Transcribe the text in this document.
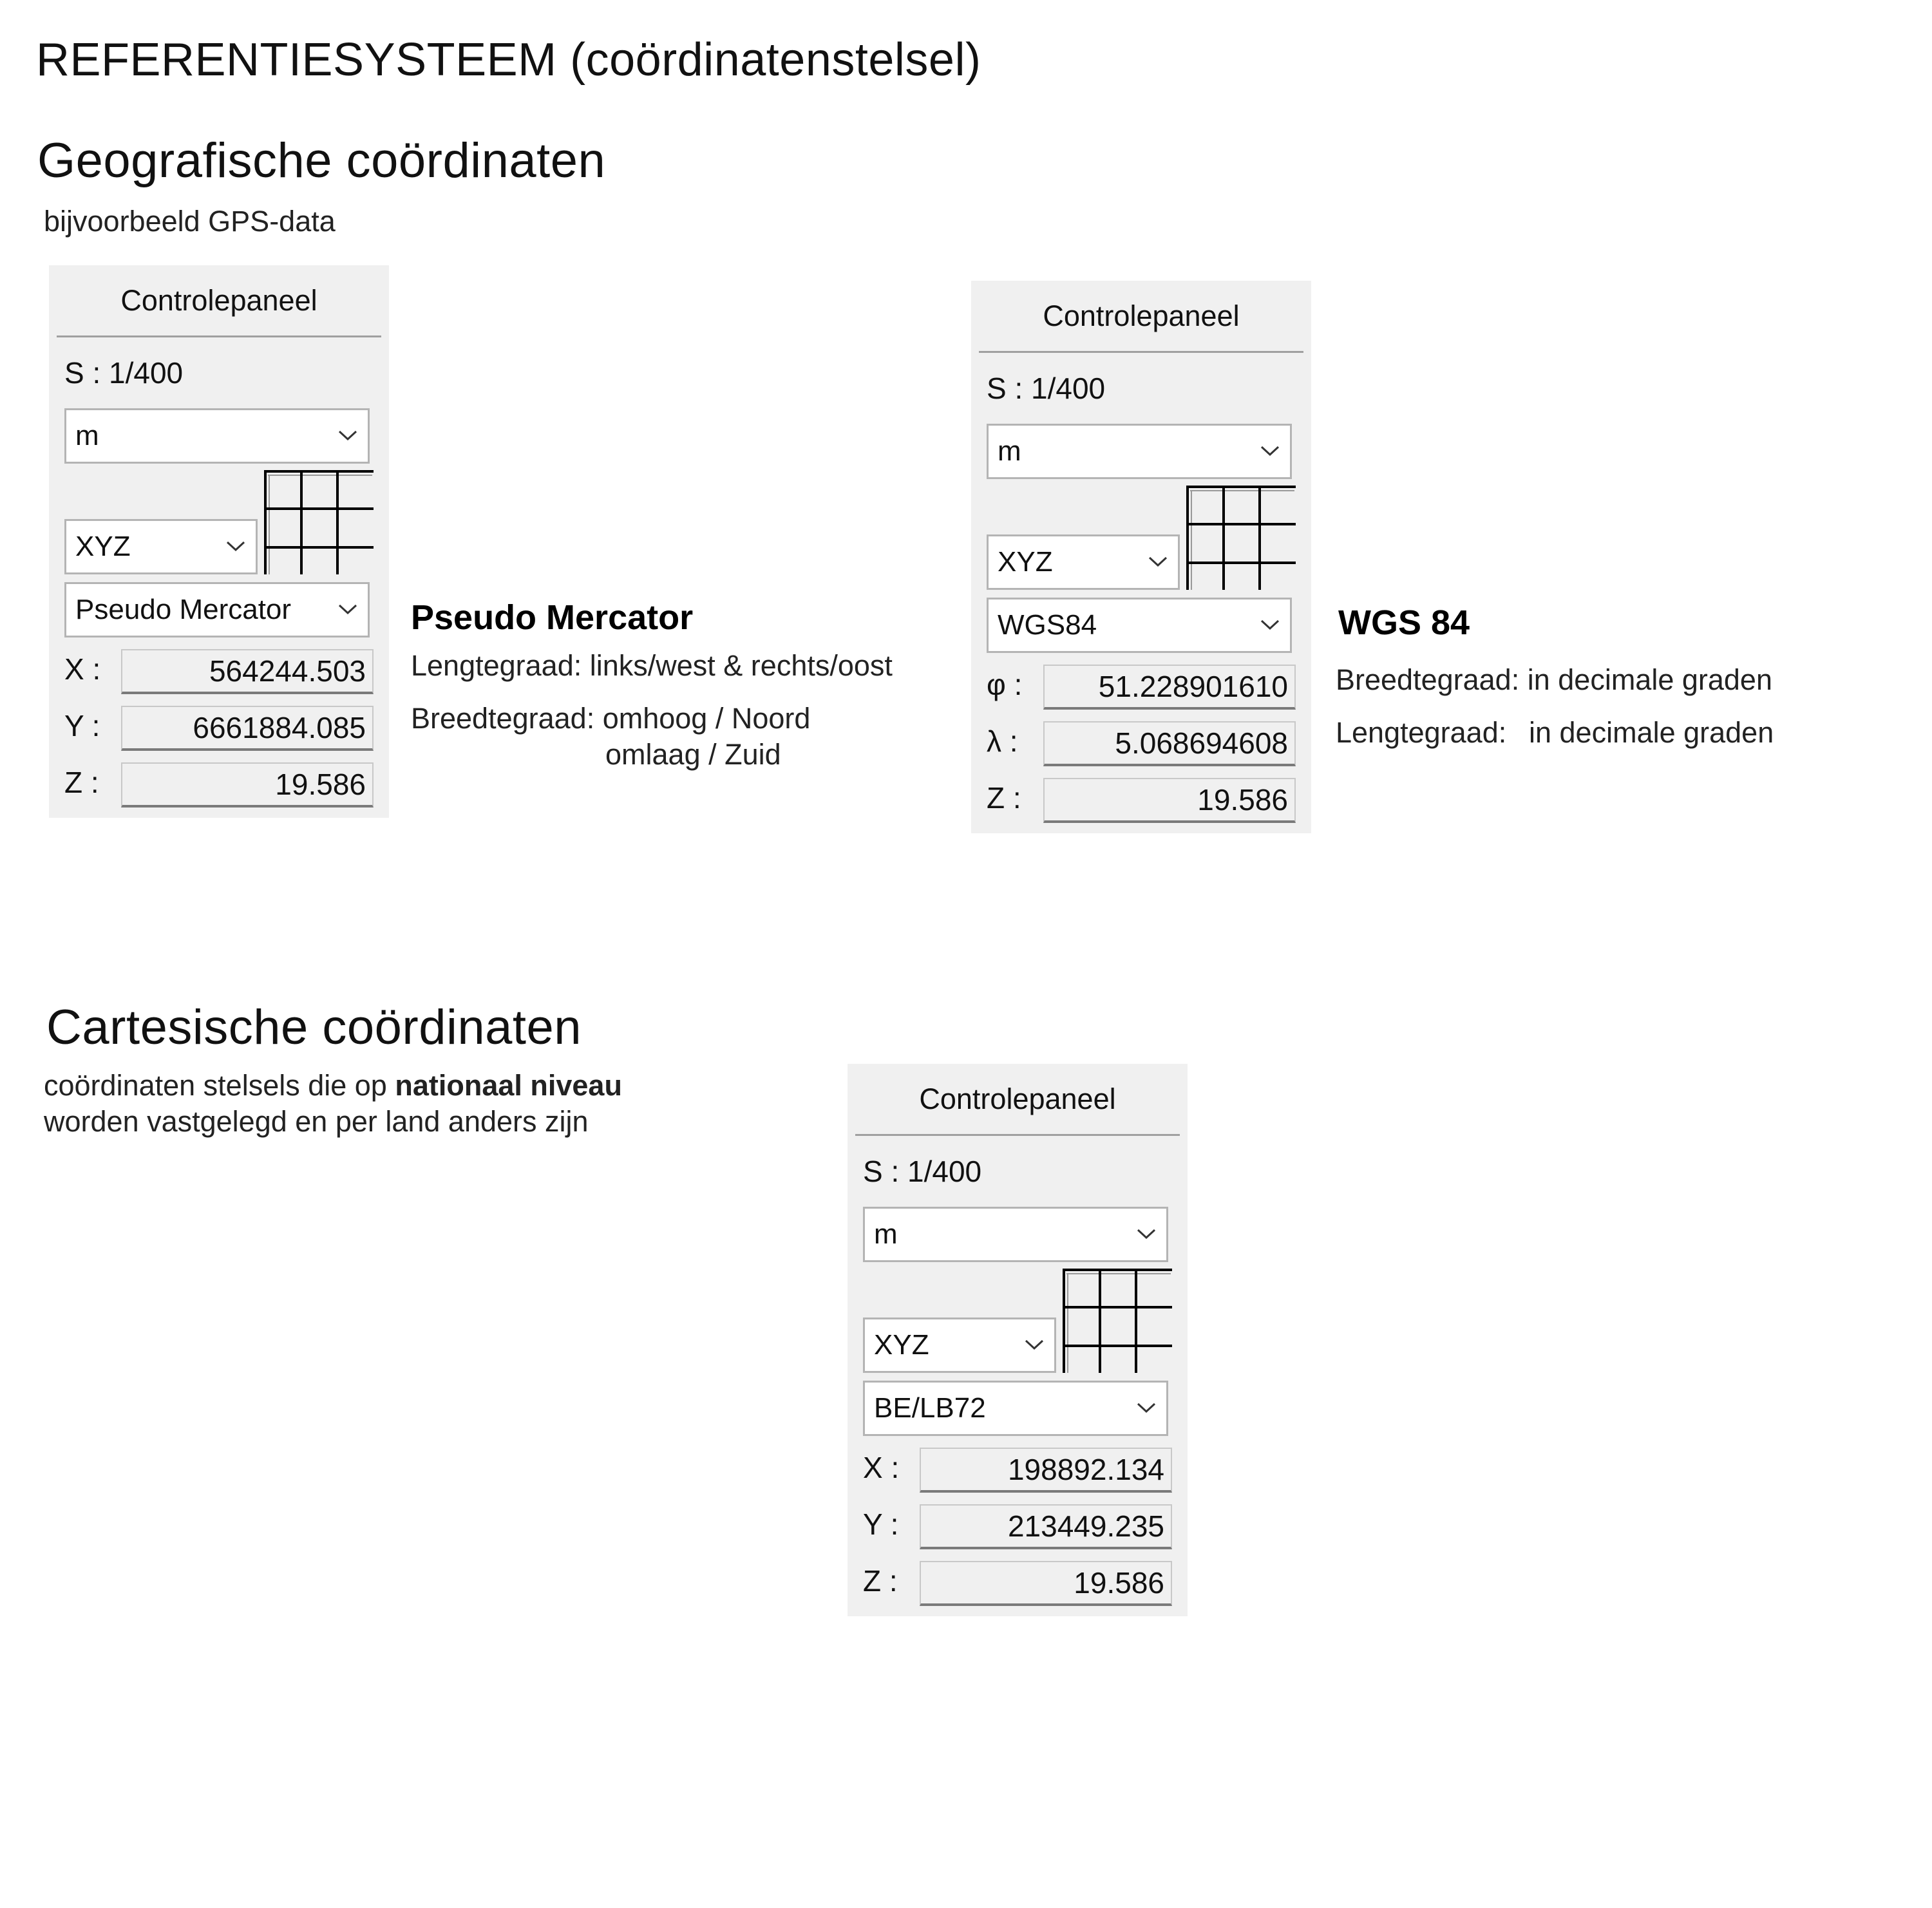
REFERENTIESYSTEEM (coördinatenstelsel)
Geografische coördinaten
bijvoorbeeld GPS-data
Controlepaneel
S : 1/400
m
XYZ
Pseudo Mercator
X :	564244.503
Y :	6661884.085
Z :	19.586
Pseudo Mercator
Lengtegraad: links/west & rechts/oost
Breedtegraad: omhoog / Noord
omlaag / Zuid
Controlepaneel
S : 1/400
m
XYZ
WGS84
φ :	51.228901610
λ :	5.068694608
Z :	19.586
WGS 84
Breedtegraad: in decimale graden
Lengtegraad: in decimale graden
Cartesische coördinaten
coördinaten stelsels die op nationaal niveau
worden vastgelegd en per land anders zijn
Controlepaneel
S : 1/400
m
XYZ
BE/LB72
X :	198892.134
Y :	213449.235
Z :	19.586
